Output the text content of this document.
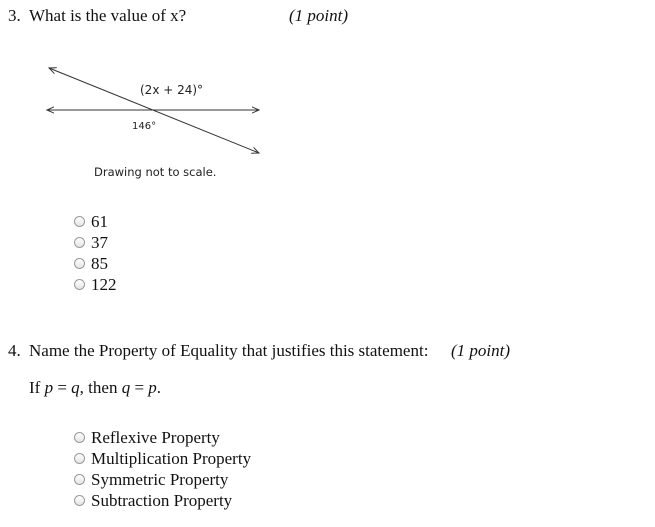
3. What is the value of x?	(1 point)
(2x + 24)°
146°
Drawing not to scale.
61
37
85
122
4. Name the Property of Equality that justifies this statement: (1 point)
If p = q, then q = p.
Reflexive Property
Multiplication Property
Symmetric Property
Subtraction Property
